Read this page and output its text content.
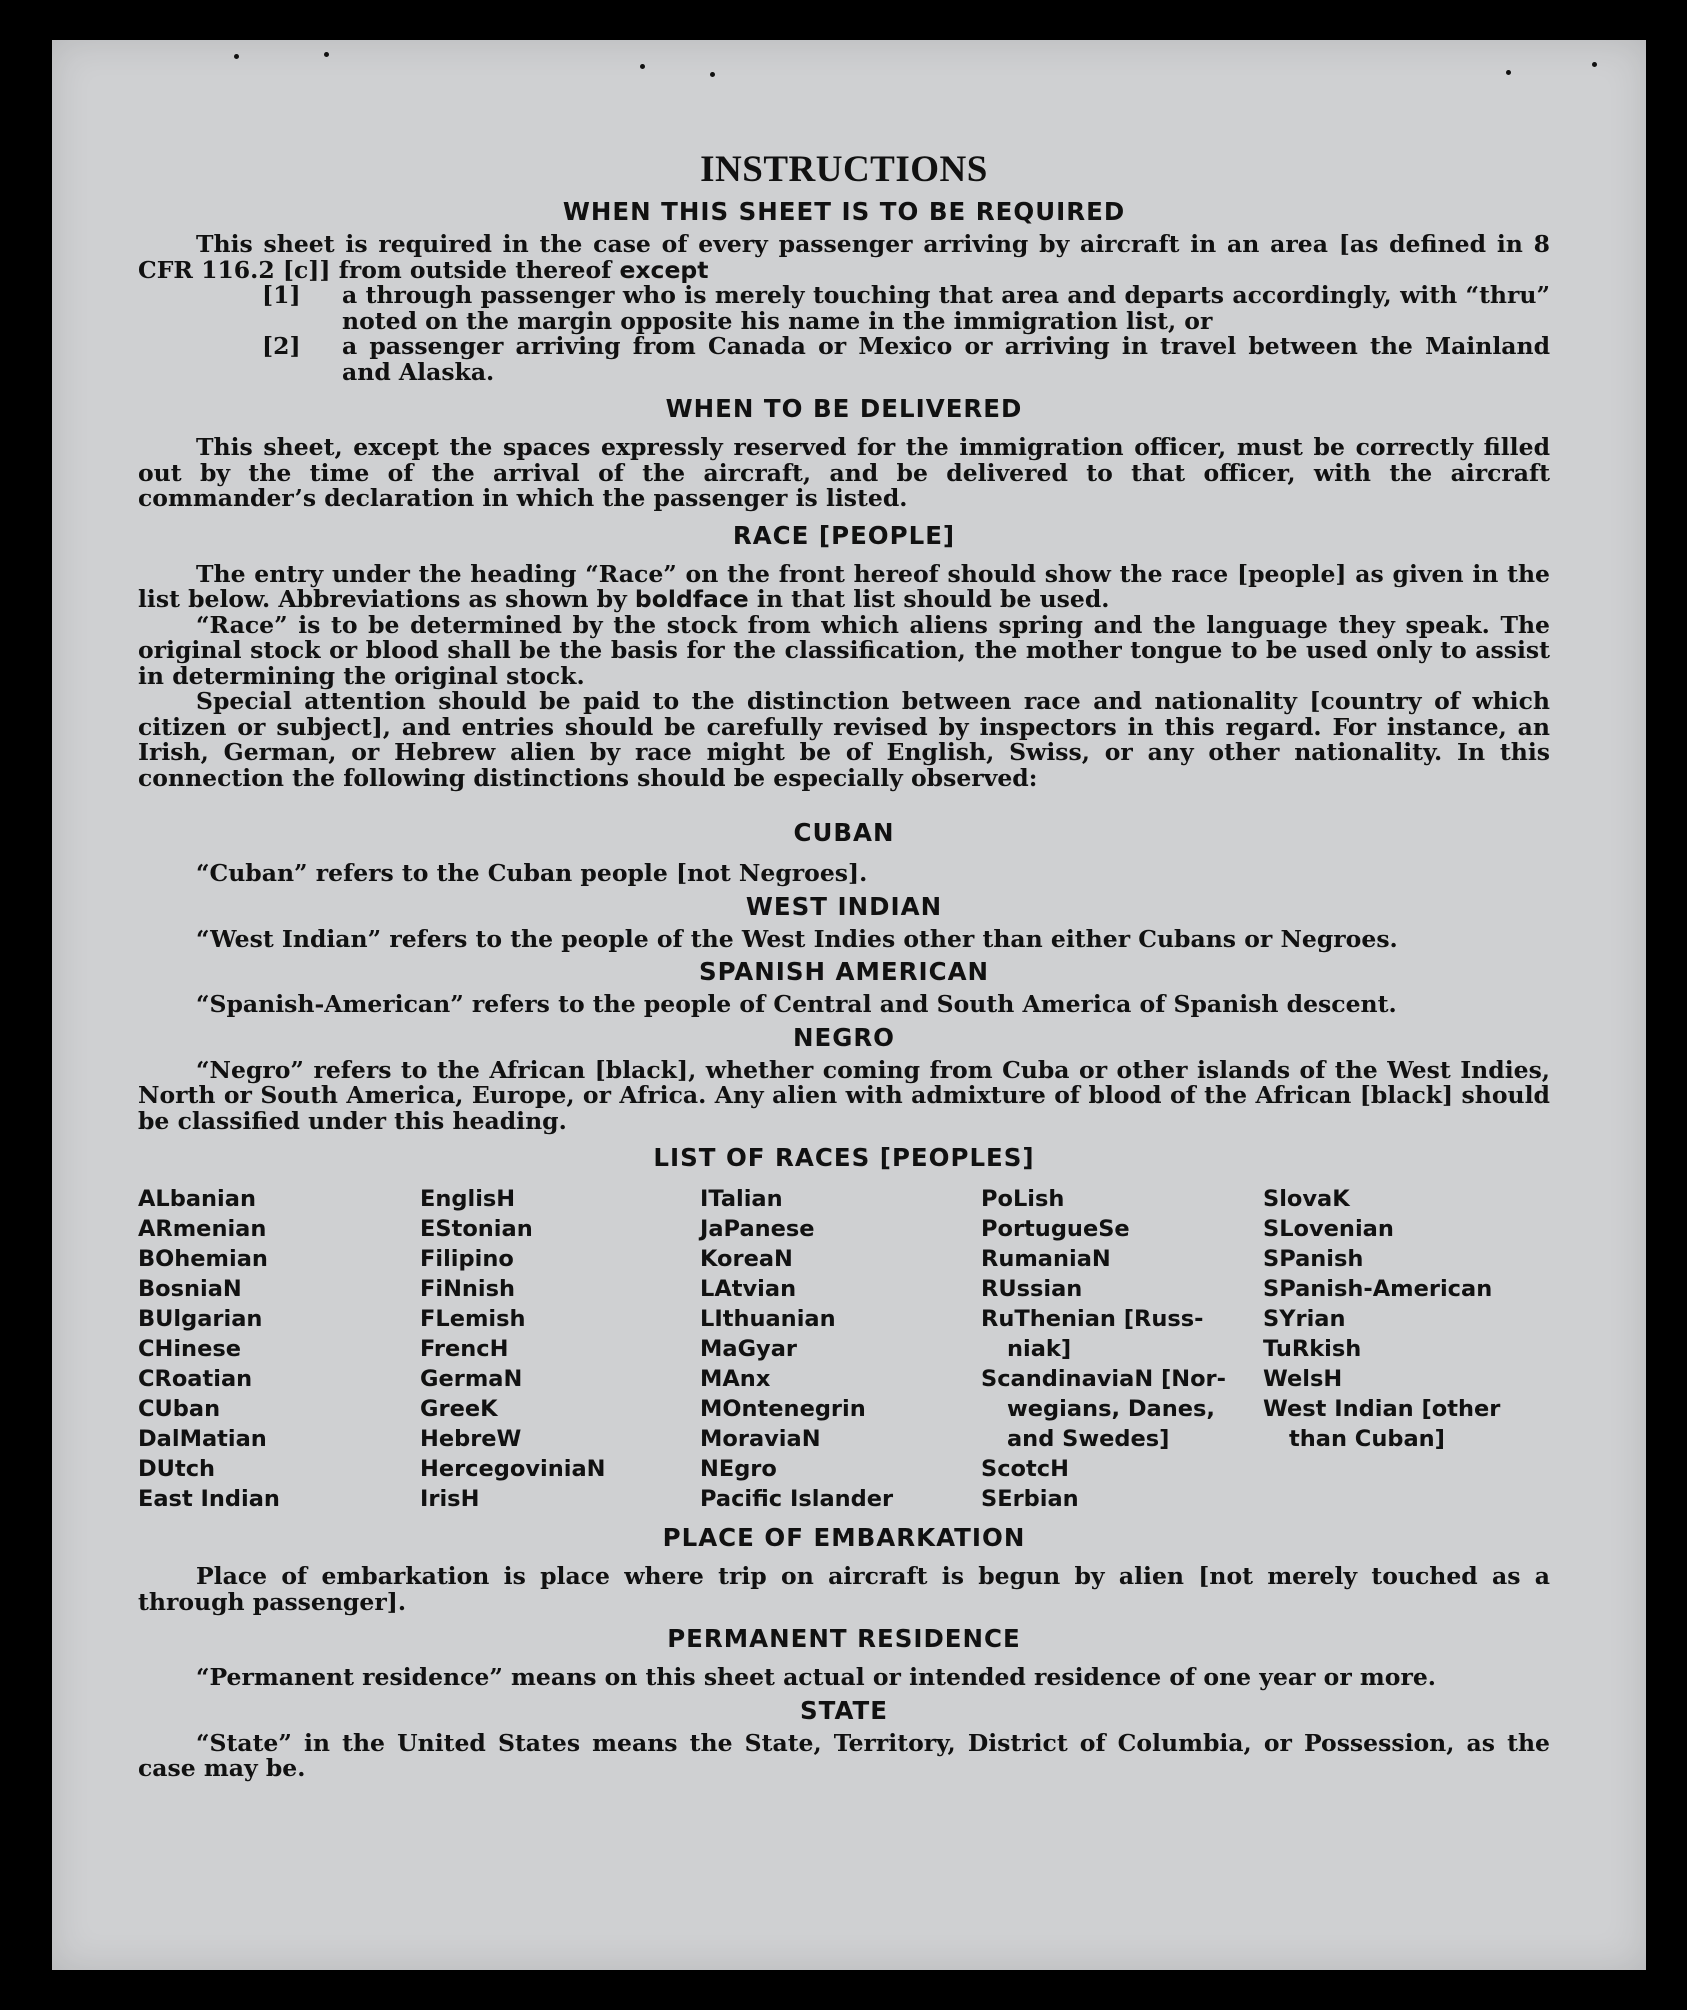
INSTRUCTIONS
WHEN THIS SHEET IS TO BE REQUIRED

This sheet is required in the case of every passenger arriving by aircraft in an area [as defined in 8 CFR 116.2 [c]] from outside thereof except

[1] a through passenger who is merely touching that area and departs accordingly, with “thru” noted on the margin opposite his name in the immigration list, or

[2] a passenger arriving from Canada or Mexico or arriving in travel between the Mainland and Alaska.

WHEN TO BE DELIVERED

This sheet, except the spaces expressly reserved for the immigration officer, must be correctly filled out by the time of the arrival of the aircraft, and be delivered to that officer, with the aircraft commander’s declaration in which the passenger is listed.

RACE [PEOPLE]

The entry under the heading “Race” on the front hereof should show the race [people] as given in the list below. Abbreviations as shown by boldface in that list should be used.

“Race” is to be determined by the stock from which aliens spring and the language they speak. The original stock or blood shall be the basis for the classification, the mother tongue to be used only to assist in determining the original stock.

Special attention should be paid to the distinction between race and nationality [country of which citizen or subject], and entries should be carefully revised by inspectors in this regard. For instance, an Irish, German, or Hebrew alien by race might be of English, Swiss, or any other nationality. In this connection the following distinctions should be especially observed:

CUBAN

“Cuban” refers to the Cuban people [not Negroes].

WEST INDIAN

“West Indian” refers to the people of the West Indies other than either Cubans or Negroes.

SPANISH AMERICAN

“Spanish-American” refers to the people of Central and South America of Spanish descent.

NEGRO

“Negro” refers to the African [black], whether coming from Cuba or other islands of the West Indies, North or South America, Europe, or Africa. Any alien with admixture of blood of the African [black] should be classified under this heading.

LIST OF RACES [PEOPLES]
ALbanian
ARmenian
BOhemian
BosniaN
BUlgarian
CHinese
CRoatian
CUban
DalMatian
DUtch
East Indian
EnglisH
EStonian
Filipino
FiNnish
FLemish
FrencH
GermaN
GreeK
HebreW
HercegoviniaN
IrisH
ITalian
JaPanese
KoreaN
LAtvian
LIthuanian
MaGyar
MAnx
MOntenegrin
MoraviaN
NEgro
Pacific Islander
PoLish
PortugueSe
RumaniaN
RUssian
RuThenian [Russ-
niak]
ScandinaviaN [Nor-
wegians, Danes,
and Swedes]
ScotcH
SErbian
SlovaK
SLovenian
SPanish
SPanish-American
SYrian
TuRkish
WelsH
West Indian [other
than Cuban]
PLACE OF EMBARKATION

Place of embarkation is place where trip on aircraft is begun by alien [not merely touched as a through passenger].

PERMANENT RESIDENCE

“Permanent residence” means on this sheet actual or intended residence of one year or more.

STATE

“State” in the United States means the State, Territory, District of Columbia, or Possession, as the case may be.
